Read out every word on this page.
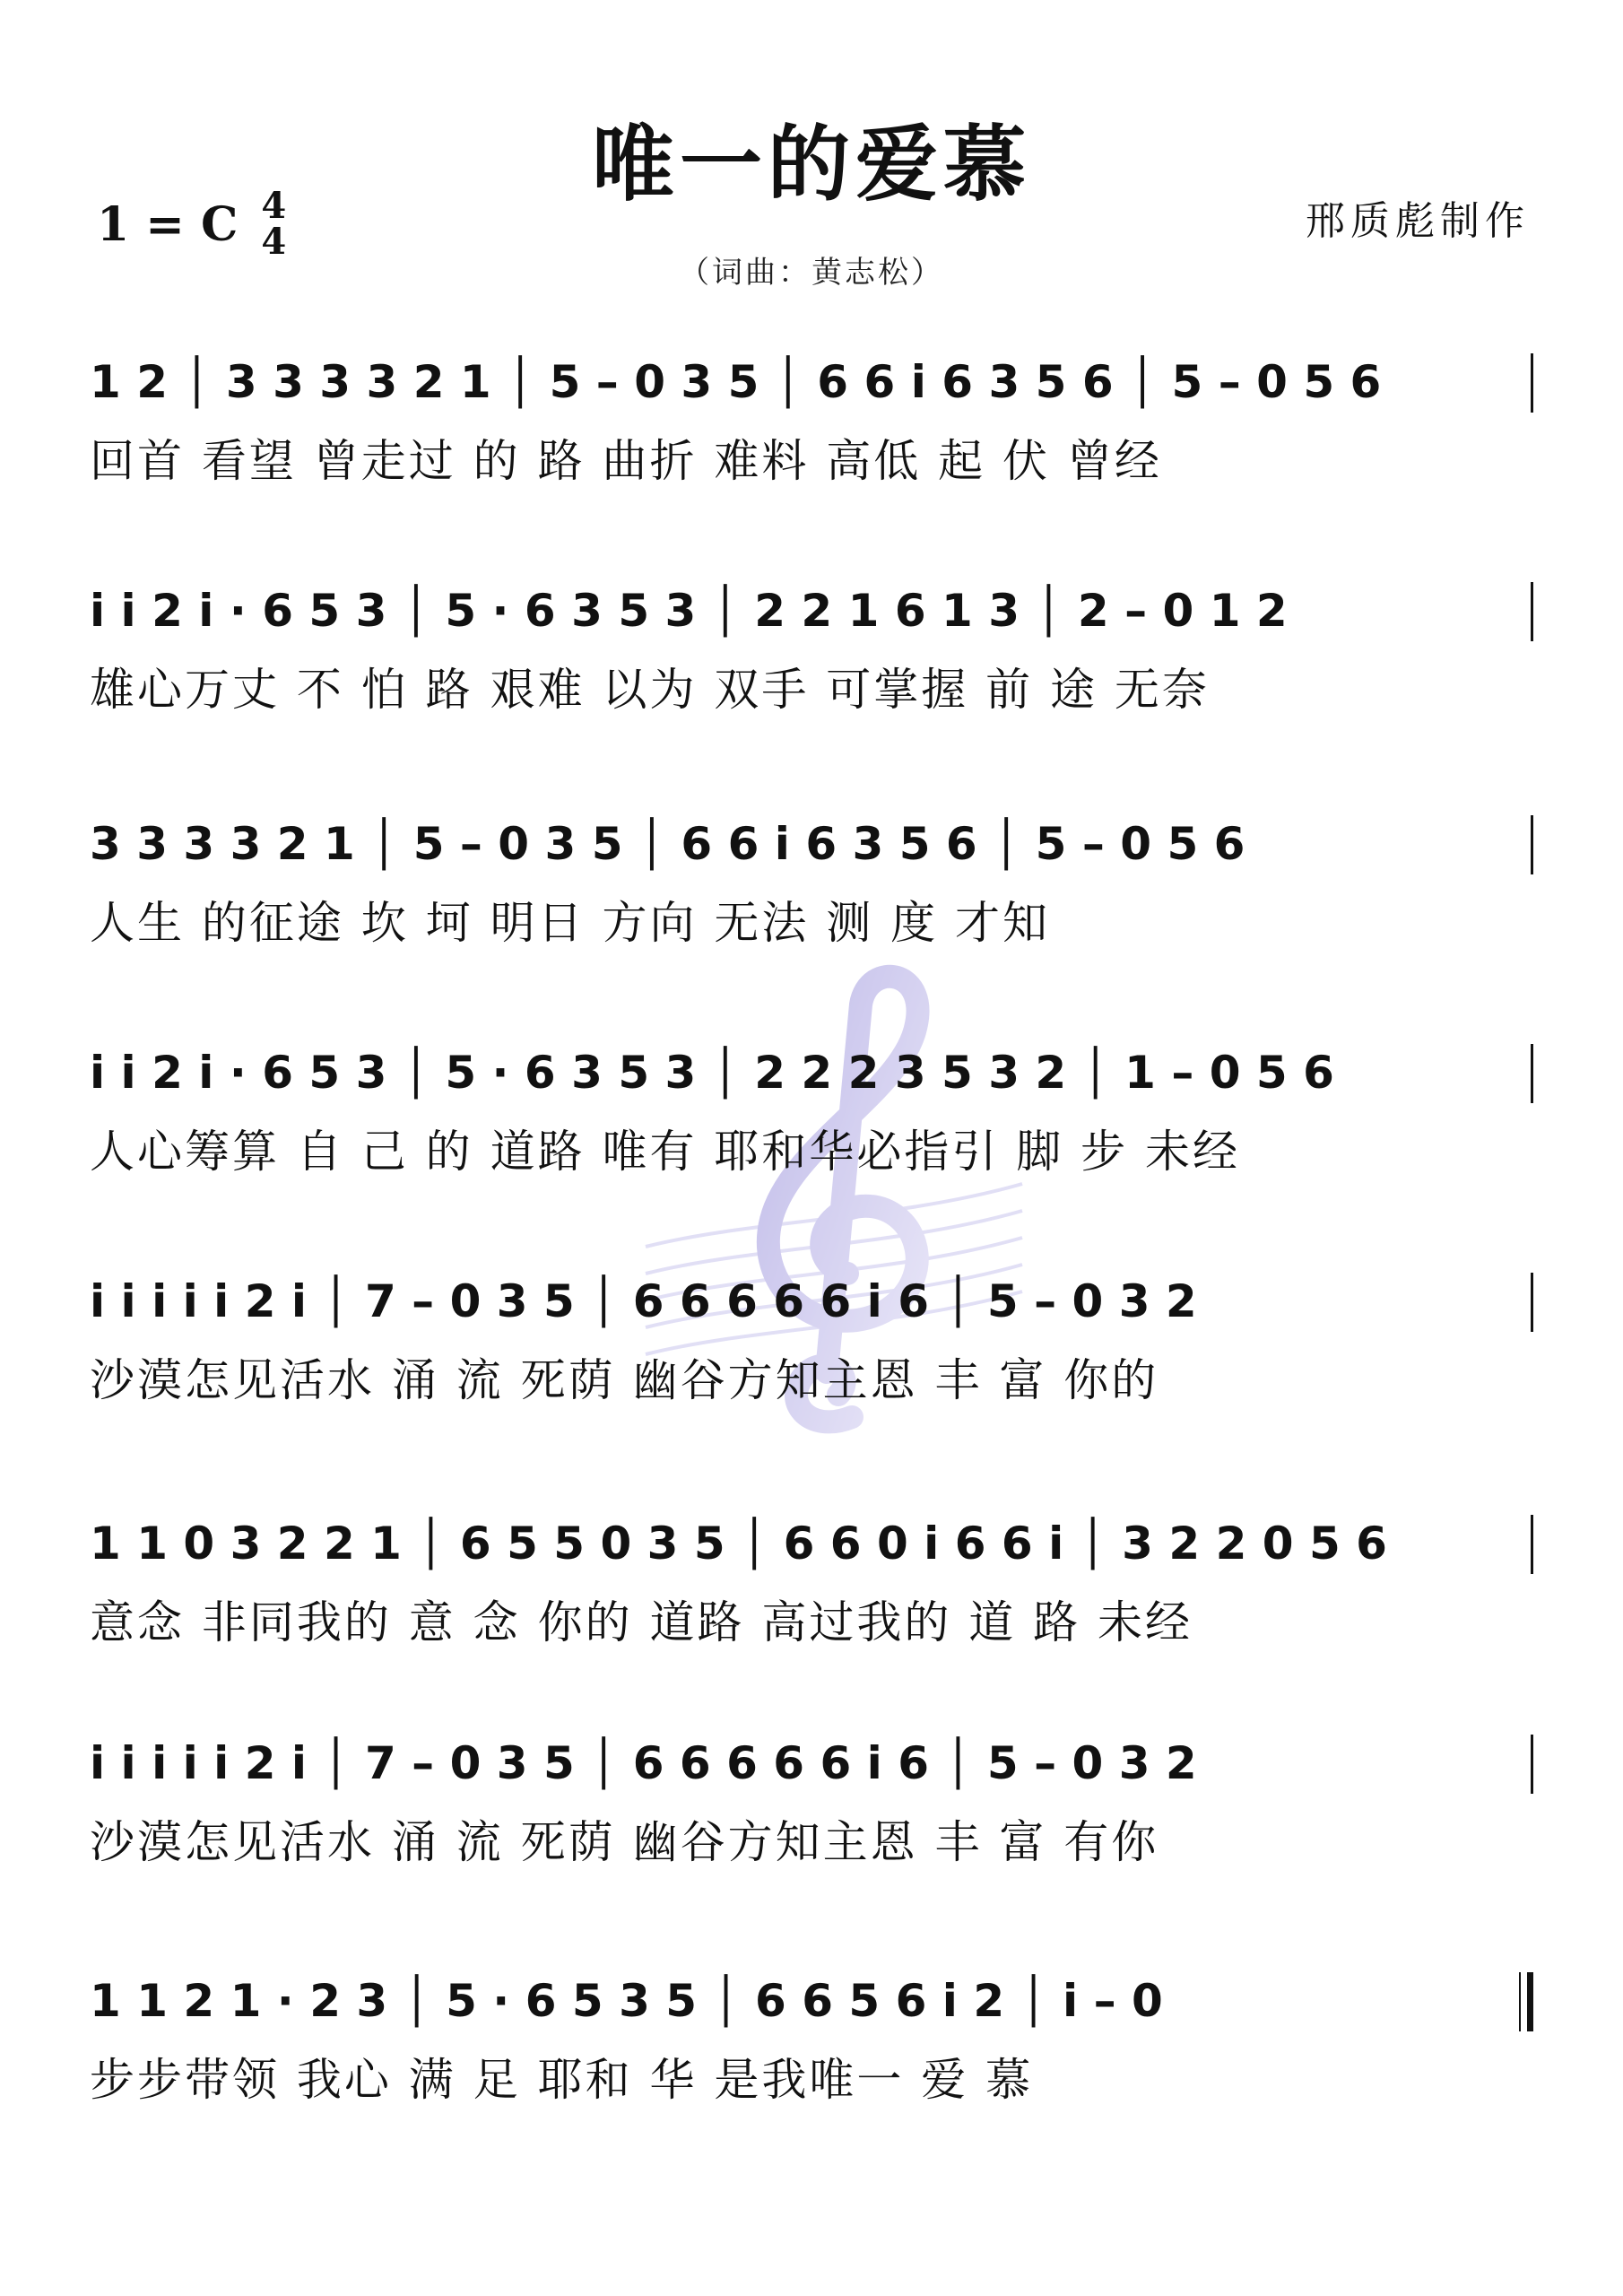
唯一的爱慕
1 = C 4
4	邢质彪制作
（词曲：黄志松）
1 2 │ 3 3 3 3 2 1 │ 5 – 0 3 5 │ 6 6 i 6 3 5 6 │ 5 – 0 5 6
回首 看望 曾走过 的 路 曲折 难料 高低 起 伏 曾经
i i 2 i · 6 5 3 │ 5 · 6 3 5 3 │ 2 2 1 6 1 3 │ 2 – 0 1 2
雄心万丈 不 怕 路 艰难 以为 双手 可掌握 前 途 无奈
3 3 3 3 2 1 │ 5 – 0 3 5 │ 6 6 i 6 3 5 6 │ 5 – 0 5 6
人生 的征途 坎 坷 明日 方向 无法 测 度 才知
i i 2 i · 6 5 3 │ 5 · 6 3 5 3 │ 2 2 2 3 5 3 2 │ 1 – 0 5 6
人心筹算 自 己 的 道路 唯有 耶和华必指引 脚 步 未经
i i i i i 2 i │ 7 – 0 3 5 │ 6 6 6 6 6 i 6 │ 5 – 0 3 2
沙漠怎见活水 涌 流 死荫 幽谷方知主恩 丰 富 你的
1 1 0 3 2 2 1 │ 6 5 5 0 3 5 │ 6 6 0 i 6 6 i │ 3 2 2 0 5 6
意念 非同我的 意 念 你的 道路 高过我的 道 路 未经
i i i i i 2 i │ 7 – 0 3 5 │ 6 6 6 6 6 i 6 │ 5 – 0 3 2
沙漠怎见活水 涌 流 死荫 幽谷方知主恩 丰 富 有你
1 1 2 1 · 2 3 │ 5 · 6 5 3 5 │ 6 6 5 6 i 2 │ i – 0
步步带领 我心 满 足 耶和 华 是我唯一 爱 慕
